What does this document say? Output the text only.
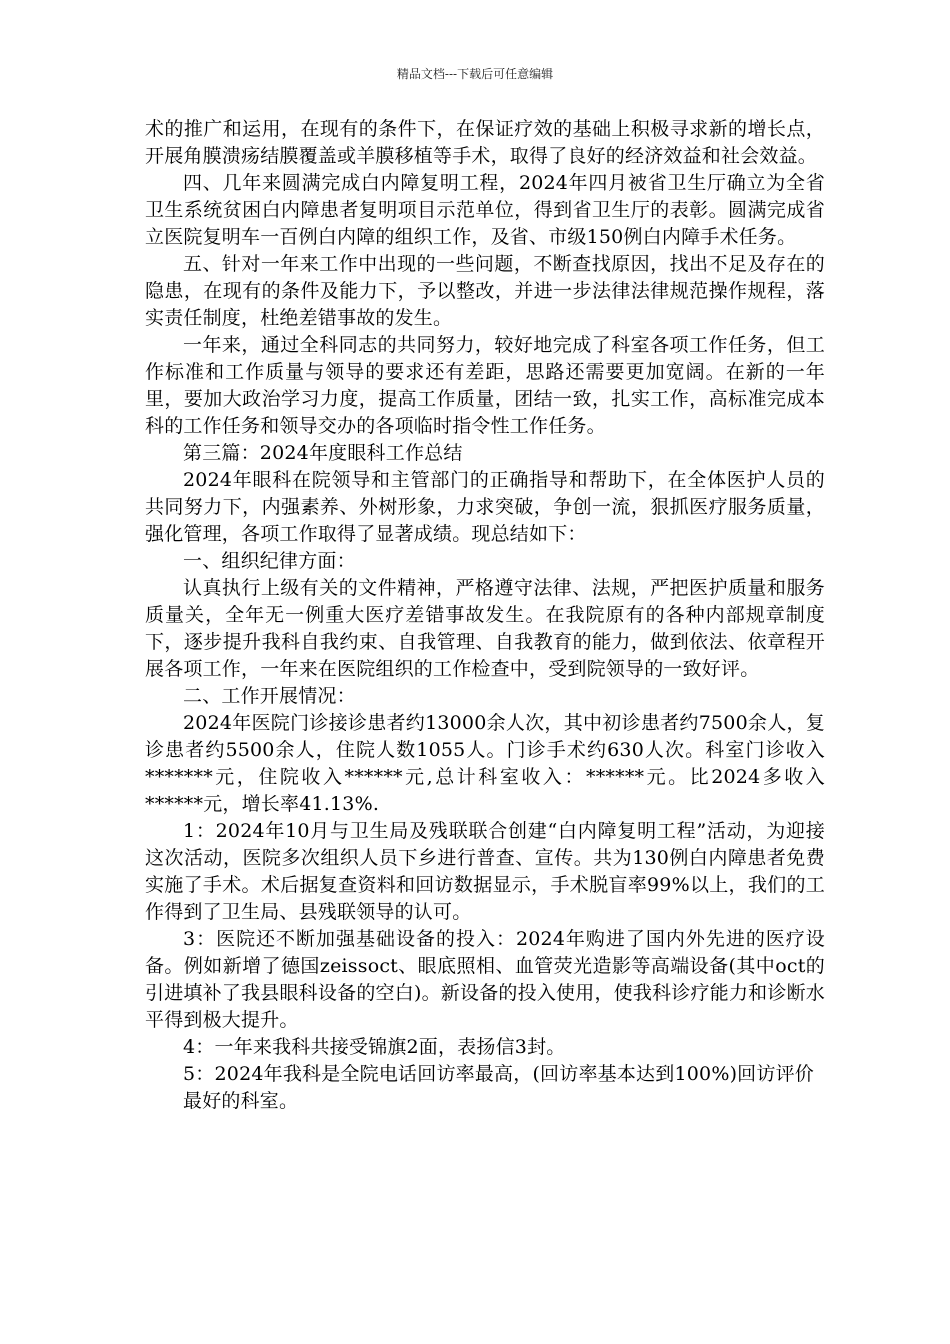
精品文档---下载后可任意编辑

术的推广和运用，在现有的条件下，在保证疗效的基础上积极寻求新的增长点，开展角膜溃疡结膜覆盖或羊膜移植等手术，取得了良好的经济效益和社会效益。

四、几年来圆满完成白内障复明工程，2024年四月被省卫生厅确立为全省卫生系统贫困白内障患者复明项目示范单位，得到省卫生厅的表彰。圆满完成省立医院复明车一百例白内障的组织工作，及省、市级150例白内障手术任务。

五、针对一年来工作中出现的一些问题，不断查找原因，找出不足及存在的隐患，在现有的条件及能力下，予以整改，并进一步法律法律规范操作规程，落实责任制度，杜绝差错事故的发生。

一年来，通过全科同志的共同努力，较好地完成了科室各项工作任务，但工作标准和工作质量与领导的要求还有差距，思路还需要更加宽阔。在新的一年里，要加大政治学习力度，提高工作质量，团结一致，扎实工作，高标准完成本科的工作任务和领导交办的各项临时指令性工作任务。

第三篇：2024年度眼科工作总结

2024年眼科在院领导和主管部门的正确指导和帮助下，在全体医护人员的共同努力下，内强素养、外树形象，力求突破，争创一流，狠抓医疗服务质量，强化管理，各项工作取得了显著成绩。现总结如下：

一、组织纪律方面：

认真执行上级有关的文件精神，严格遵守法律、法规，严把医护质量和服务质量关，全年无一例重大医疗差错事故发生。在我院原有的各种内部规章制度下，逐步提升我科自我约束、自我管理、自我教育的能力，做到依法、依章程开展各项工作，一年来在医院组织的工作检查中，受到院领导的一致好评。

二、工作开展情况：

2024年医院门诊接诊患者约13000余人次，其中初诊患者约7500余人，复诊患者约5500余人，住院人数1055人。门诊手术约630人次。科室门诊收入*******元，住院收入******元,总计科室收入：******元。比2024多收入******元，增长率41.13%.

1：2024年10月与卫生局及残联联合创建“白内障复明工程”活动，为迎接这次活动，医院多次组织人员下乡进行普查、宣传。共为130例白内障患者免费实施了手术。术后据复查资料和回访数据显示，手术脱盲率99%以上，我们的工作得到了卫生局、县残联领导的认可。

3：医院还不断加强基础设备的投入：2024年购进了国内外先进的医疗设备。例如新增了德国zeissoct、眼底照相、血管荧光造影等高端设备(其中oct的引进填补了我县眼科设备的空白)。新设备的投入使用，使我科诊疗能力和诊断水平得到极大提升。

4：一年来我科共接受锦旗2面，表扬信3封。

5：2024年我科是全院电话回访率最高，(回访率基本达到100%)回访评价

最好的科室。
